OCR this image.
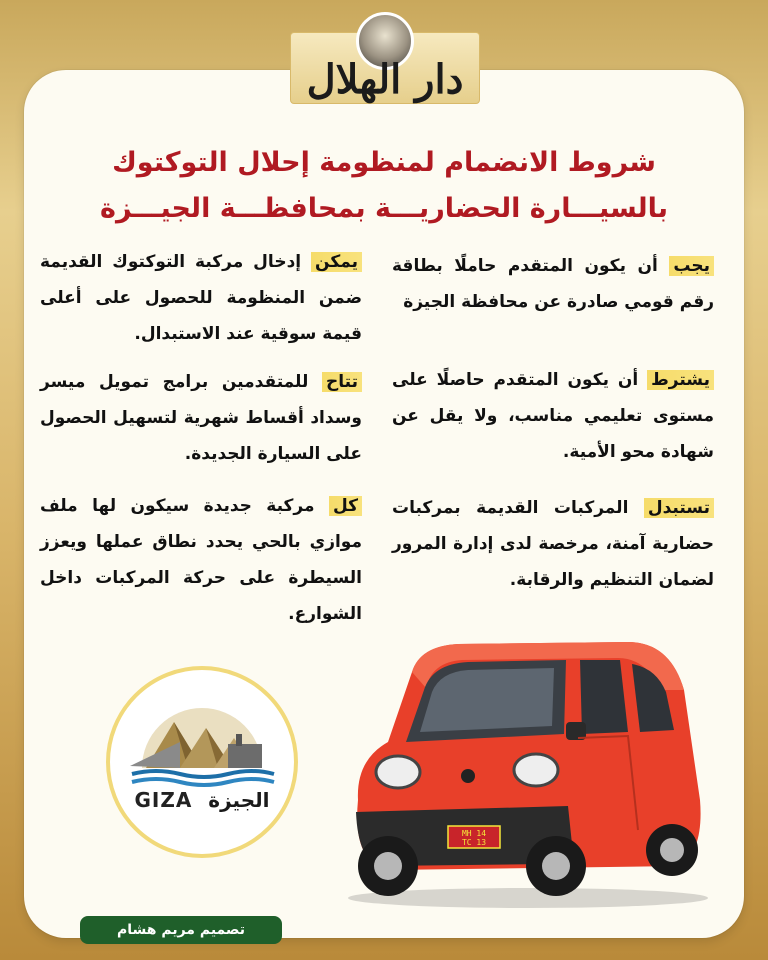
دار الهلال
شروط الانضمام لمنظومة إحلال التوكتوك
بالسيـــارة الحضاريـــة بمحافظـــة الجيـــزة
يجب أن يكون المتقدم حاملًا بطاقة رقم قومي صادرة عن محافظة الجيزة
يشترط أن يكون المتقدم حاصلًا على مستوى تعليمي مناسب، ولا يقل عن شهادة محو الأمية.
تستبدل المركبات القديمة بمركبات حضارية آمنة، مرخصة لدى إدارة المرور لضمان التنظيم والرقابة.
يمكن إدخال مركبة التوكتوك القديمة ضمن المنظومة للحصول على أعلى قيمة سوقية عند الاستبدال.
تتاح للمتقدمين برامج تمويل ميسر وسداد أقساط شهرية لتسهيل الحصول على السيارة الجديدة.
كل مركبة جديدة سيكون لها ملف موازي بالحي يحدد نطاق عملها ويعزز السيطرة على حركة المركبات داخل الشوارع.
GIZA الجيزة
MH 14
TC 13
تصميم مريم هشام
